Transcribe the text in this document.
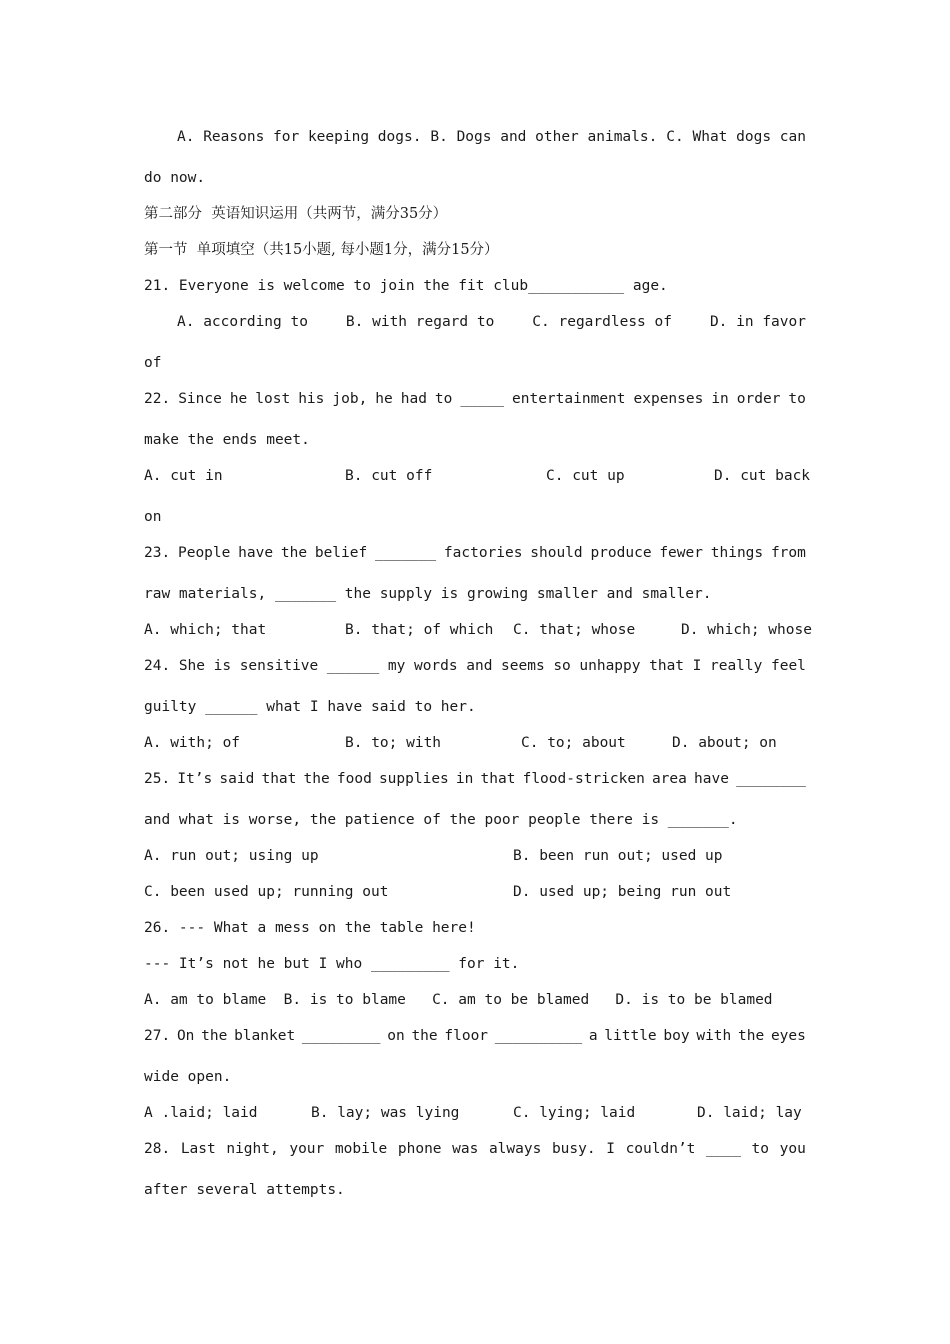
A. Reasons for keeping dogs. B. Dogs and other animals. C. What dogs can
do now.
第二部分  英语知识运用（共两节，满分35分）
第一节  单项填空（共15小题, 每小题1分，满分15分）
21. Everyone is welcome to join the fit club___________ age.
A. according to	B. with regard to	C. regardless of	D. in favor
of
22. Since he lost his job, he had to _____ entertainment expenses in order to
make the ends meet.
A. cut in	B. cut off	C. cut up	D. cut back
on
23. People have the belief _______ factories should produce fewer things from
raw materials, _______ the supply is growing smaller and smaller.
A. which; that	B. that; of which C. that; whose	D. which; whose
24. She is sensitive ______ my words and seems so unhappy that I really feel
guilty ______ what I have said to her.
A. with; of	B. to; with	C. to; about	D. about; on
25. It’s said that the food supplies in that flood-stricken area have ________
and what is worse, the patience of the poor people there is _______.
A. run out; using up	B. been run out; used up
C. been used up; running out	D. used up; being run out
26. --- What a mess on the table here!
--- It’s not he but I who _________ for it.
A. am to blame  B. is to blame   C. am to be blamed   D. is to be blamed
27. On the blanket _________ on the floor __________ a little boy with the eyes
wide open.
A .laid; laid	B. lay; was lying	C. lying; laid	D. laid; lay
28. Last night, your mobile phone was always busy. I couldn’t ____ to you
after several attempts.
